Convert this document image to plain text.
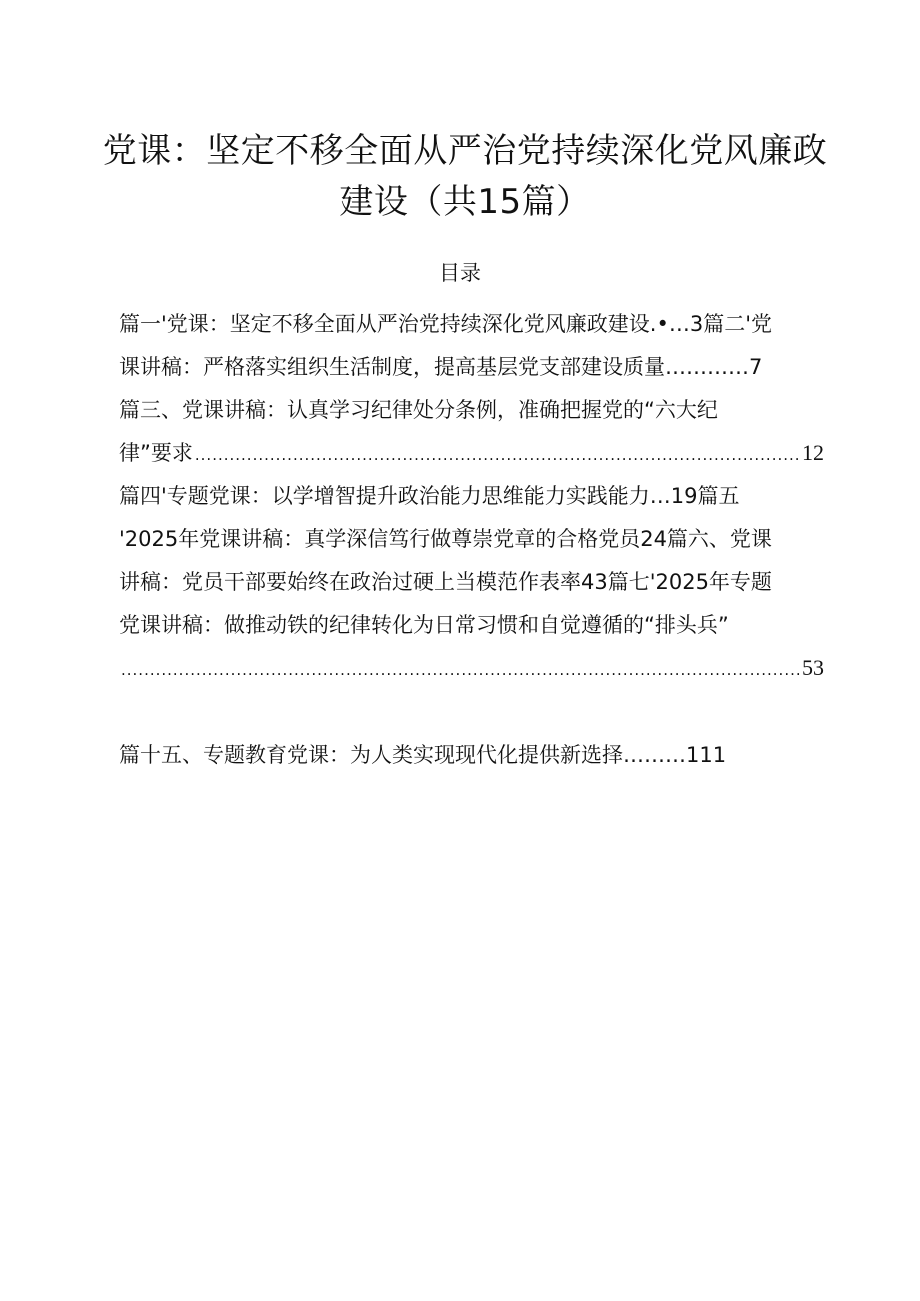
党课：坚定不移全面从严治党持续深化党风廉政
建设（共15篇）
目录
篇一'党课：坚定不移全面从严治党持续深化党风廉政建设.•…3篇二'党
课讲稿：严格落实组织生活制度，提高基层党支部建设质量…………7
篇三、党课讲稿：认真学习纪律处分条例，准确把握党的“六大纪
律”要求 .....	12
篇四'专题党课：以学增智提升政治能力思维能力实践能力…19篇五
'2025年党课讲稿：真学深信笃行做尊崇党章的合格党员24篇六、党课
讲稿：党员干部要始终在政治过硬上当模范作表率43篇七'2025年专题
党课讲稿：做推动铁的纪律转化为日常习惯和自觉遵循的“排头兵”
.....
53
篇十五、专题教育党课：为人类实现现代化提供新选择………111
